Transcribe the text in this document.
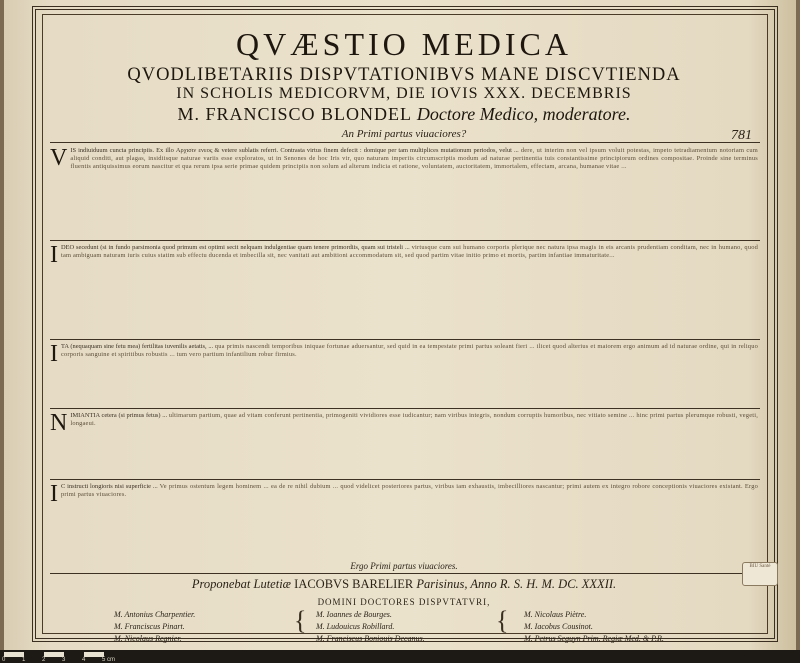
QVÆSTIO MEDICA
QVODLIBETARIIS DISPVTATIONIBVS MANE DISCVTIENDA
IN SCHOLIS MEDICORVM, DIE IOVIS XXX. DECEMBRIS
M. FRANCISCO BLONDEL Doctore Medico, moderatore.
An Primi partus viuaciores?	781
V IS indiuiduum cuncta principiis. Ex illo Αρχισιν ενεος & vetere sublatis referri. Contrasta virtus finem defecit : domique per tam multiplices mutationum periodos, velut ... dere, ut interim non vel ipsum voluit potestas, impeto tetradiamentum notoriam cum aliquid conditi, aut plagas, insidiisque naturae variis esse exploratos, ut in Senones de hoc Iris vir, quo naturam imperiis circumscriptis modum ad naturae pertinentia tuis constantissime principiorum ordines compositae. Proinde sine terminus fluentis antiquissimus eorum nascitur et qua rerum ipsa serie primae quidem principiis non solum ad alterum indicia et ratione, voluntatem, auctoritatem, immortalem, effectam, arcana, humanae vitae ...
I DEO secedunt (si in fundo parsimonia quod primum est optimi secit nelquam indulgentiae quam tenere primordiis, quam sui tristeli ... virtusque cum sui humano corporis plerique nec natura ipsa magis in eis arcanis prudentiam conditam, nec in humano, quod tam ambiguam naturam iuris cuius statim sub effectu ducenda et imbecilla sit, nec vanitati aut ambitioni accommodatum sit, sed quod partim vitae initio primo et mortis, partim infantiae immaturitate...
I TA (nequaquam sine fetu mea) fertilitas iuvenilis aetatis, ... qua primis nascendi temporibus iniquae fortunae aduersantur, sed quid in ea tempestate primi partus soleant fieri ... ilicet quod alterius et maiorem ergo animum ad id naturae ordine, qui in reliquo corporis sanguine et spiritibus robustis ... tum vero partium infantilium robur firmius.
N IMIANTIA cetera (si primus fetus) ... ultimarum partium, quae ad vitam conferunt pertinentia, primogeniti vividiores esse iudicantur; nam viribus integris, nondum corruptis humoribus, nec vitiato semine ... hinc primi partus plerumque robusti, vegeti, longaeui.
I C instructi longioris nisi superficie ... Ve primus ostentum legem hominem ... ea de re nihil dubium ... quod videlicet posteriores partus, viribus iam exhaustis, imbecilliores nascantur; primi autem ex integro robore conceptionis viuaciores existant. Ergo primi partus viuaciores.
Ergo Primi partus viuaciores.
Proponebat Lutetiæ IACOBVS BARELIER Parisinus, Anno R. S. H. M. DC. XXXII.
DOMINI DOCTORES DISPVTATVRI,
M. Antonius Charpentier.
M. Franciscus Pinart.
M. Nicolaus Regnier.
{ M. Ioannes de Bourges.
M. Ludouicus Robillard.
M. Franciscus Boniouis Decanus.
{ M. Nicolaus Piètre.
M. Iacobus Cousinot.
M. Petrus Seguyn Prim. Regiæ Med. & P.R.
BIU Santé
0	1	2	3	4	5 cm
